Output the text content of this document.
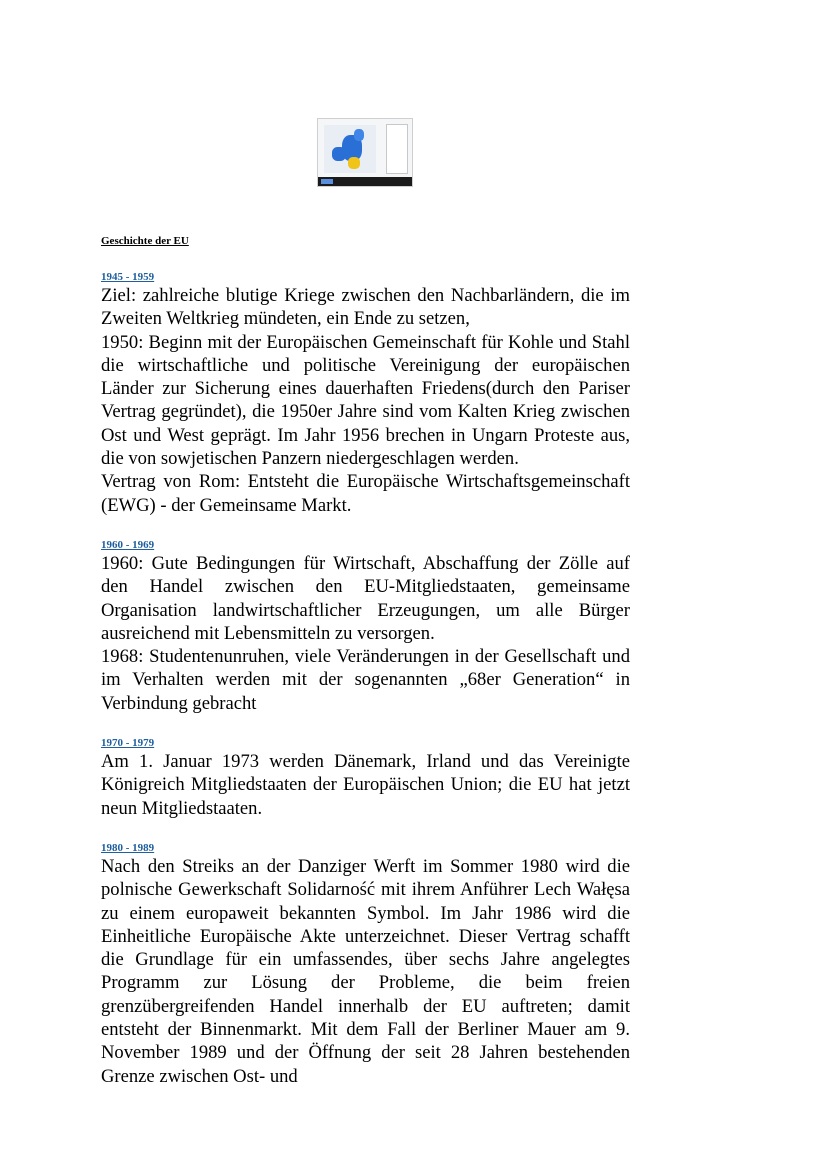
Geschichte der EU

1945 - 1959

Ziel: zahlreiche blutige Kriege zwischen den Nachbarländern, die im Zweiten Weltkrieg mündeten, ein Ende zu setzen,

1950: Beginn mit der Europäischen Gemeinschaft für Kohle und Stahl die wirtschaftliche und politische Vereinigung der europäischen Länder zur Sicherung eines dauerhaften Friedens(durch den Pariser Vertrag gegründet), die 1950er Jahre sind vom Kalten Krieg zwischen Ost und West geprägt. Im Jahr 1956 brechen in Ungarn Proteste aus, die von sowjetischen Panzern niedergeschlagen werden.

Vertrag von Rom: Entsteht die Europäische Wirtschaftsgemeinschaft (EWG) - der Gemeinsame Markt.

1960 - 1969

1960: Gute Bedingungen für Wirtschaft, Abschaffung der Zölle auf den Handel zwischen den EU-Mitgliedstaaten, gemeinsame Organisation landwirtschaftlicher Erzeugungen, um alle Bürger ausreichend mit Lebensmitteln zu versorgen.

1968: Studentenunruhen, viele Veränderungen in der Gesellschaft und im Verhalten werden mit der sogenannten „68er Generation“ in Verbindung gebracht

1970 - 1979

Am 1. Januar 1973 werden Dänemark, Irland und das Vereinigte Königreich Mitgliedstaaten der Europäischen Union; die EU hat jetzt neun Mitgliedstaaten.

1980 - 1989

Nach den Streiks an der Danziger Werft im Sommer 1980 wird die polnische Gewerkschaft Solidarność mit ihrem Anführer Lech Wałęsa zu einem europaweit bekannten Symbol. Im Jahr 1986 wird die Einheitliche Europäische Akte unterzeichnet. Dieser Vertrag schafft die Grundlage für ein umfassendes, über sechs Jahre angelegtes Programm zur Lösung der Probleme, die beim freien grenzübergreifenden Handel innerhalb der EU auftreten; damit entsteht der Binnenmarkt. Mit dem Fall der Berliner Mauer am 9. November 1989 und der Öffnung der seit 28 Jahren bestehenden Grenze zwischen Ost- und
